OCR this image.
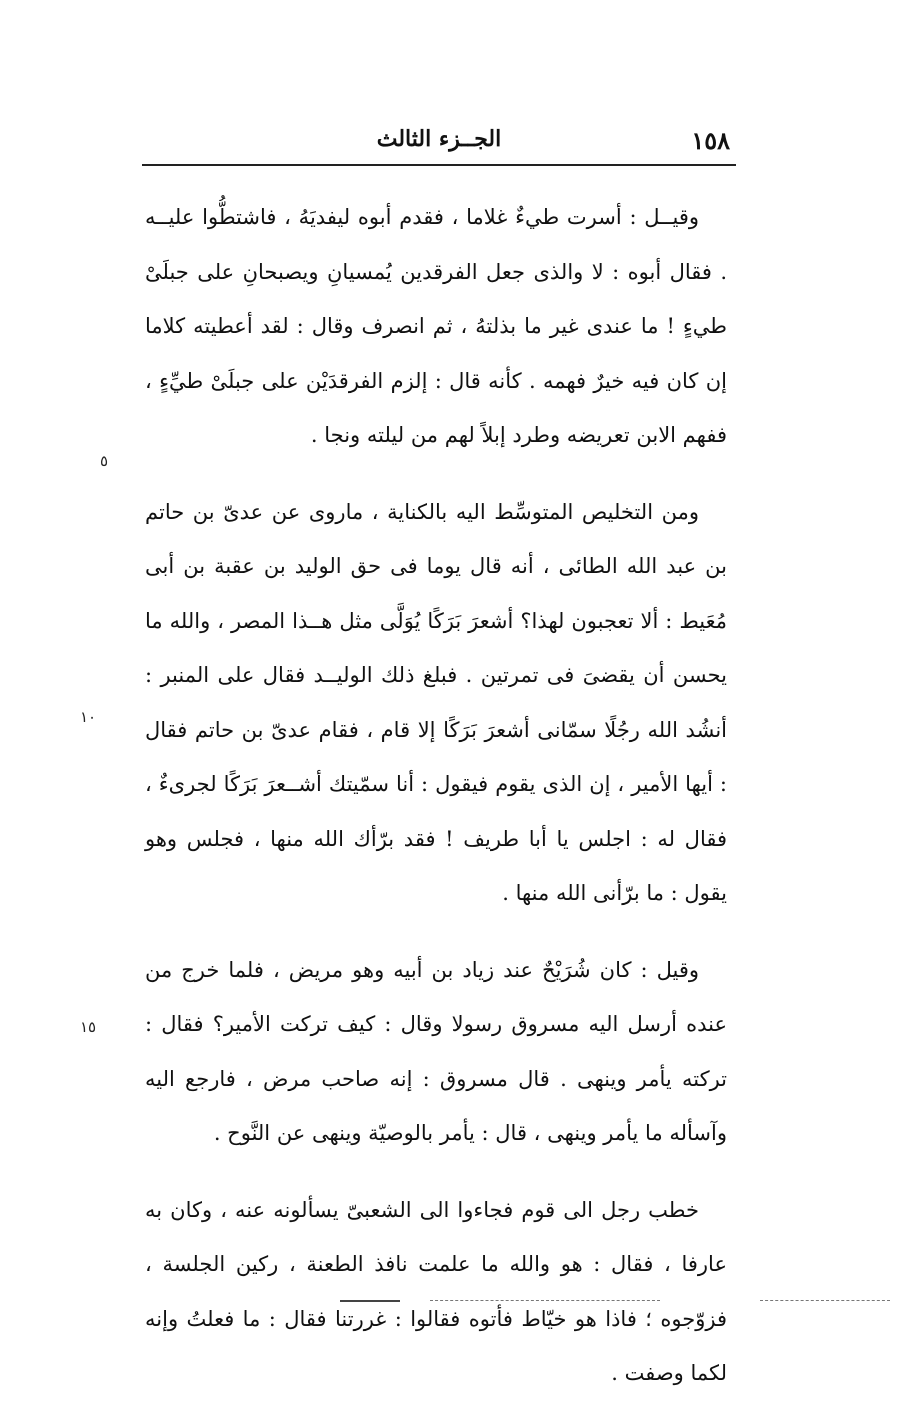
١٥٨
الجــزء الثالث

وقيــل : أسرت طيءٌ غلاما ، فقدم أبوه ليفديَهُ ، فاشتطُّوا عليــه . فقال أبوه : لا والذى جعل الفرقدين يُمسيانِ ويصبحانِ على جبلَىْ طيءٍ ! ما عندى غير ما بذلتهُ ، ثم انصرف وقال : لقد أعطيته كلاما إن كان فيه خيرٌ فهمه . كأنه قال : إلزم الفرقدَيْن على جبلَىْ طيِّءٍ ، ففهم الابن تعريضه وطرد إبلاً لهم من ليلته ونجا .

ومن التخليص المتوسِّط اليه بالكناية ، ماروى عن عدىّ بن حاتم بن عبد الله الطائى ، أنه قال يوما فى حق الوليد بن عقبة بن أبى مُعَيط : ألا تعجبون لهذا؟ أشعرَ بَرَكًا يُوَلَّى مثل هــذا المصر ، والله ما يحسن أن يقضىَ فى تمرتين . فبلغ ذلك الوليــد فقال على المنبر : أنشُد الله رجُلًا سمّانى أشعرَ بَرَكًا إلا قام ، فقام عدىّ بن حاتم فقال : أيها الأمير ، إن الذى يقوم فيقول : أنا سمّيتك أشــعرَ بَرَكًا لجرىءٌ ، فقال له : اجلس يا أبا طريف ! فقد برّأك الله منها ، فجلس وهو يقول : ما برّأنى الله منها .

وقيل : كان شُرَيْحٌ عند زياد بن أبيه وهو مريض ، فلما خرج من عنده أرسل اليه مسروق رسولا وقال : كيف تركت الأمير؟ فقال : تركته يأمر وينهى . قال مسروق : إنه صاحب مرض ، فارجع اليه وآسأله ما يأمر وينهى ، قال : يأمر بالوصيّة وينهى عن النَّوح .

خطب رجل الى قوم فجاءوا الى الشعبىّ يسألونه عنه ، وكان به عارفا ، فقال : هو والله ما علمت نافذ الطعنة ، ركين الجلسة ، فزوّجوه ؛ فاذا هو خيّاط فأتوه فقالوا : غررتنا فقال : ما فعلتُ وإنه لكما وصفت .

٥
١٠
١٥
